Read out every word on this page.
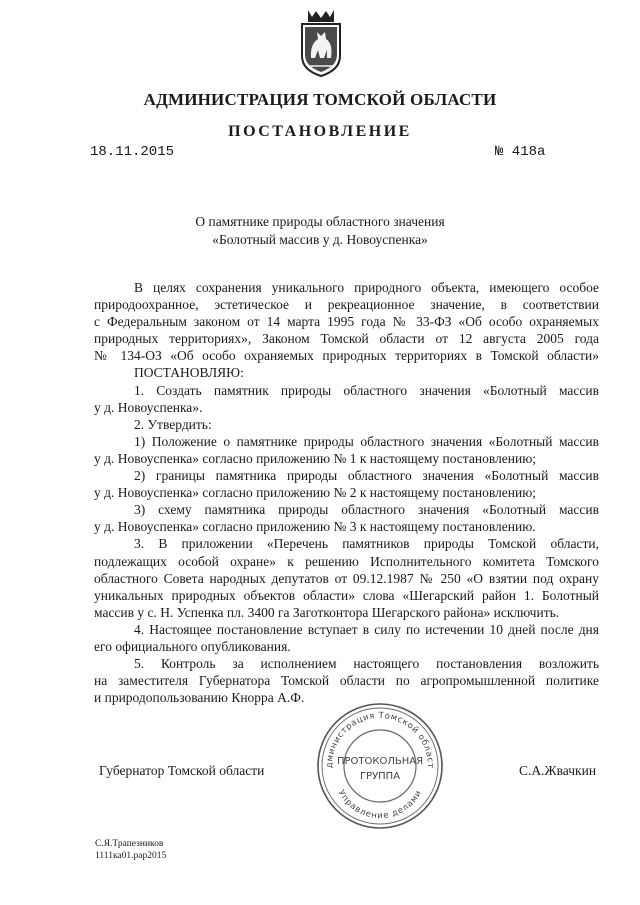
АДМИНИСТРАЦИЯ ТОМСКОЙ ОБЛАСТИ
ПОСТАНОВЛЕНИЕ
18.11.2015	№ 418а
О памятнике природы областного значения
«Болотный массив у д. Новоуспенка»
В целях сохранения уникального природного объекта, имеющего особое
природоохранное, эстетическое и рекреационное значение, в соответствии
с Федеральным законом от 14 марта 1995 года № 33-ФЗ «Об особо охраняемых
природных территориях», Законом Томской области от 12 августа 2005 года
№ 134-ОЗ «Об особо охраняемых природных территориях в Томской области»
ПОСТАНОВЛЯЮ:
1. Создать памятник природы областного значения «Болотный массив
у д. Новоуспенка».
2. Утвердить:
1) Положение о памятнике природы областного значения «Болотный массив
у д. Новоуспенка» согласно приложению № 1 к настоящему постановлению;
2) границы памятника природы областного значения «Болотный массив
у д. Новоуспенка» согласно приложению № 2 к настоящему постановлению;
3) схему памятника природы областного значения «Болотный массив
у д. Новоуспенка» согласно приложению № 3 к настоящему постановлению.
3. В приложении «Перечень памятников природы Томской области,
подлежащих особой охране» к решению Исполнительного комитета Томского
областного Совета народных депутатов от 09.12.1987 № 250 «О взятии под охрану
уникальных природных объектов области» слова «Шегарский район 1. Болотный
массив у с. Н. Успенка пл. 3400 га Заготконтора Шегарского района» исключить.
4. Настоящее постановление вступает в силу по истечении 10 дней после дня
его официального опубликования.
5. Контроль за исполнением настоящего постановления возложить
на заместителя Губернатора Томской области по агропромышленной политике
и природопользованию Кнорра А.Ф.
Губернатор Томской области	С.А.Жвачкин
дминистрация Томской област
Управление делами
ПРОТОКОЛЬНАЯ
ГРУППА
С.Я.Трапезников
1111ка01.рар2015
